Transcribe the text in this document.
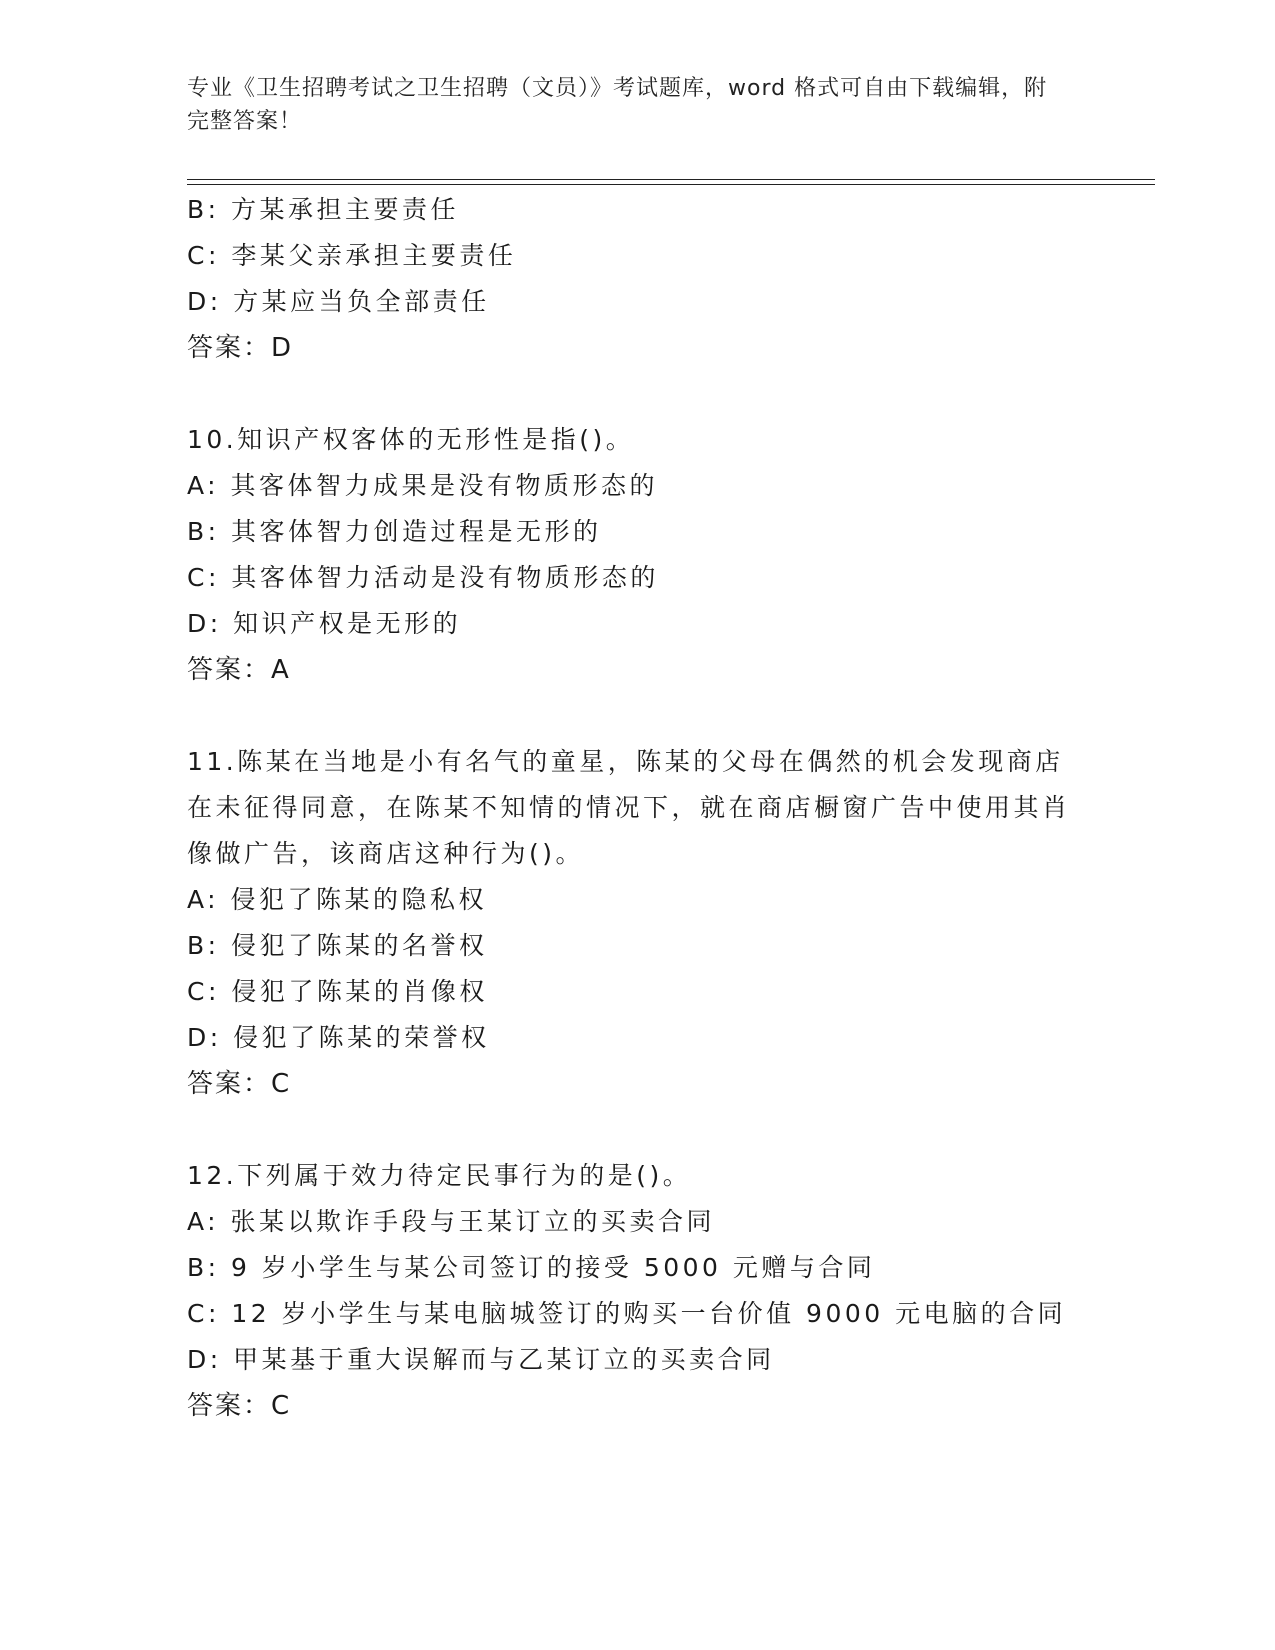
专业《卫生招聘考试之卫生招聘（文员）》考试题库，word 格式可自由下载编辑，附完整答案！
B: 方某承担主要责任
C: 李某父亲承担主要责任
D: 方某应当负全部责任
答案：D
10.知识产权客体的无形性是指()。
A: 其客体智力成果是没有物质形态的
B: 其客体智力创造过程是无形的
C: 其客体智力活动是没有物质形态的
D: 知识产权是无形的
答案：A
11.陈某在当地是小有名气的童星，陈某的父母在偶然的机会发现商店在未征得同意，在陈某不知情的情况下，就在商店橱窗广告中使用其肖像做广告，该商店这种行为()。
A: 侵犯了陈某的隐私权
B: 侵犯了陈某的名誉权
C: 侵犯了陈某的肖像权
D: 侵犯了陈某的荣誉权
答案：C
12.下列属于效力待定民事行为的是()。
A: 张某以欺诈手段与王某订立的买卖合同
B: 9 岁小学生与某公司签订的接受 5000 元赠与合同
C: 12 岁小学生与某电脑城签订的购买一台价值 9000 元电脑的合同
D: 甲某基于重大误解而与乙某订立的买卖合同
答案：C
